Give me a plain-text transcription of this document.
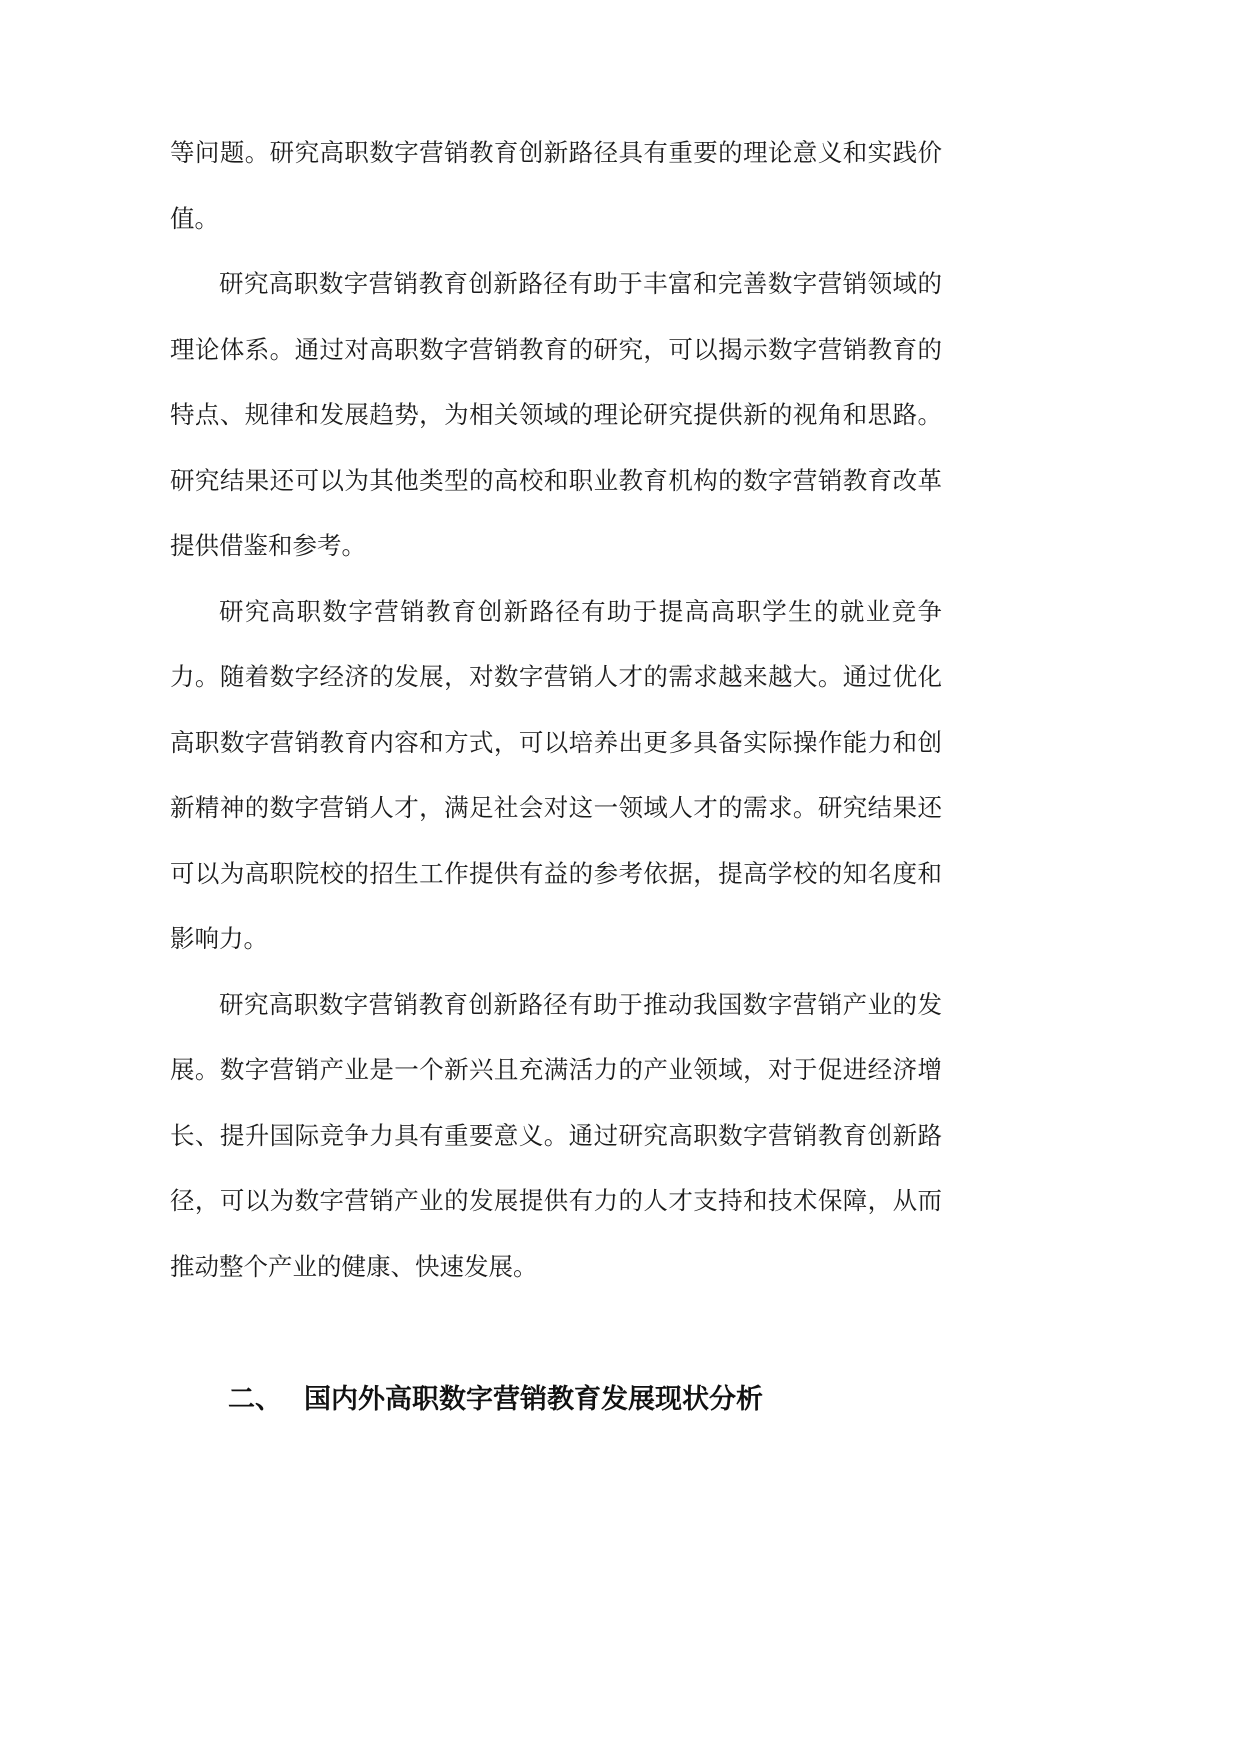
等问题。研究高职数字营销教育创新路径具有重要的理论意义和实践价值。

研究高职数字营销教育创新路径有助于丰富和完善数字营销领域的理论体系。通过对高职数字营销教育的研究，可以揭示数字营销教育的特点、规律和发展趋势，为相关领域的理论研究提供新的视角和思路。研究结果还可以为其他类型的高校和职业教育机构的数字营销教育改革提供借鉴和参考。

研究高职数字营销教育创新路径有助于提高高职学生的就业竞争力。随着数字经济的发展，对数字营销人才的需求越来越大。通过优化高职数字营销教育内容和方式，可以培养出更多具备实际操作能力和创新精神的数字营销人才，满足社会对这一领域人才的需求。研究结果还可以为高职院校的招生工作提供有益的参考依据，提高学校的知名度和影响力。

研究高职数字营销教育创新路径有助于推动我国数字营销产业的发展。数字营销产业是一个新兴且充满活力的产业领域，对于促进经济增长、提升国际竞争力具有重要意义。通过研究高职数字营销教育创新路径，可以为数字营销产业的发展提供有力的人才支持和技术保障，从而推动整个产业的健康、快速发展。

二、 国内外高职数字营销教育发展现状分析
